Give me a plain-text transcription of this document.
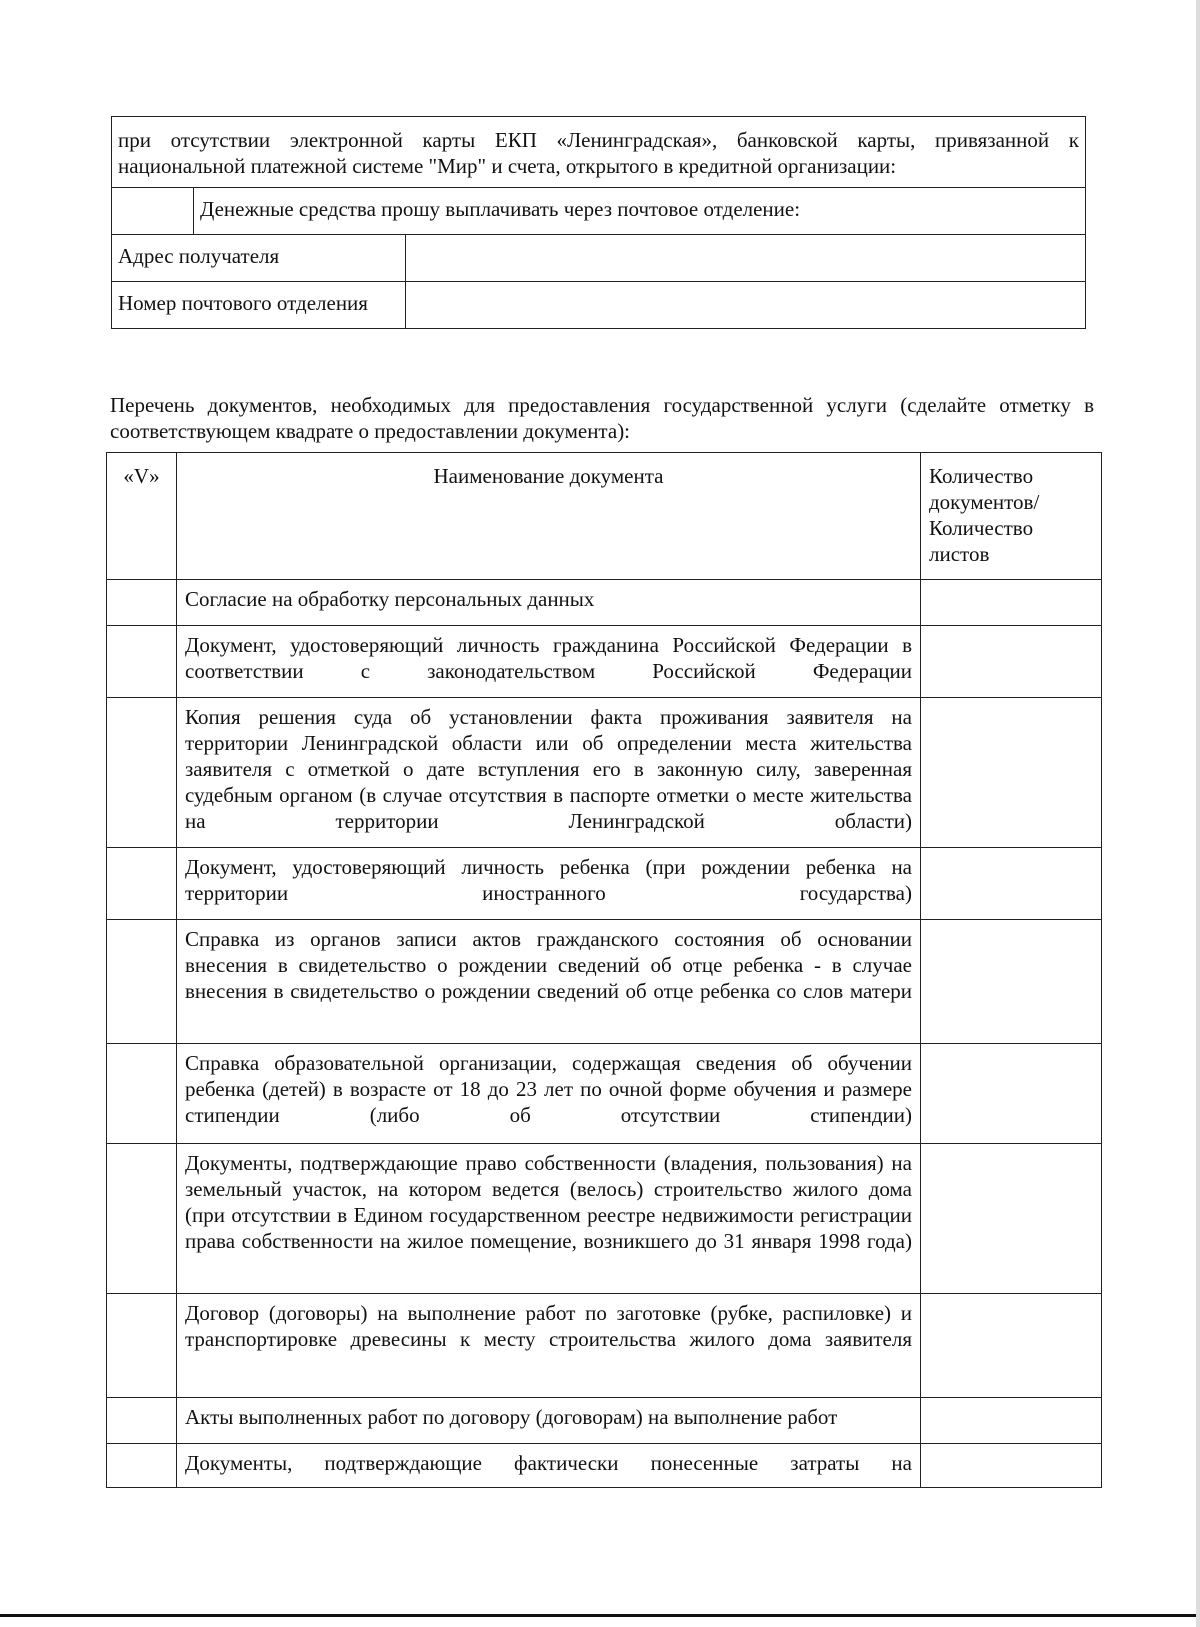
при отсутствии электронной карты ЕКП «Ленинградская», банковской карты, привязанной к национальной платежной системе "Мир" и счета, открытого в кредитной организации:		
	Денежные средства прошу выплачивать через почтовое отделение:	
Адрес получателя		
Номер почтового отделения		
Перечень документов, необходимых для предоставления государственной услуги (сделайте отметку в соответствующем квадрате о предоставлении документа):
«V»	Наименование документа	Количество документов/ Количество листов
	Согласие на обработку персональных данных	
	Документ, удостоверяющий личность гражданина Российской Федерации в соответствии с законодательством Российской Федерации	
	Копия решения суда об установлении факта проживания заявителя на территории Ленинградской области или об определении места жительства заявителя с отметкой о дате вступления его в законную силу, заверенная судебным органом (в случае отсутствия в паспорте отметки о месте жительства на территории Ленинградской области)	
	Документ, удостоверяющий личность ребенка (при рождении ребенка на территории иностранного государства)	
	Справка из органов записи актов гражданского состояния об основании внесения в свидетельство о рождении сведений об отце ребенка - в случае внесения в свидетельство о рождении сведений об отце ребенка со слов матери	
	Справка образовательной организации, содержащая сведения об обучении ребенка (детей) в возрасте от 18 до 23 лет по очной форме обучения и размере стипендии (либо об отсутствии стипендии)	
	Документы, подтверждающие право собственности (владения, пользования) на земельный участок, на котором ведется (велось) строительство жилого дома (при отсутствии в Едином государственном реестре недвижимости регистрации права собственности на жилое помещение, возникшего до 31 января 1998 года)	
	Договор (договоры) на выполнение работ по заготовке (рубке, распиловке) и транспортировке древесины к месту строительства жилого дома заявителя	
	Акты выполненных работ по договору (договорам) на выполнение работ	
	Документы, подтверждающие фактически понесенные затраты на	
